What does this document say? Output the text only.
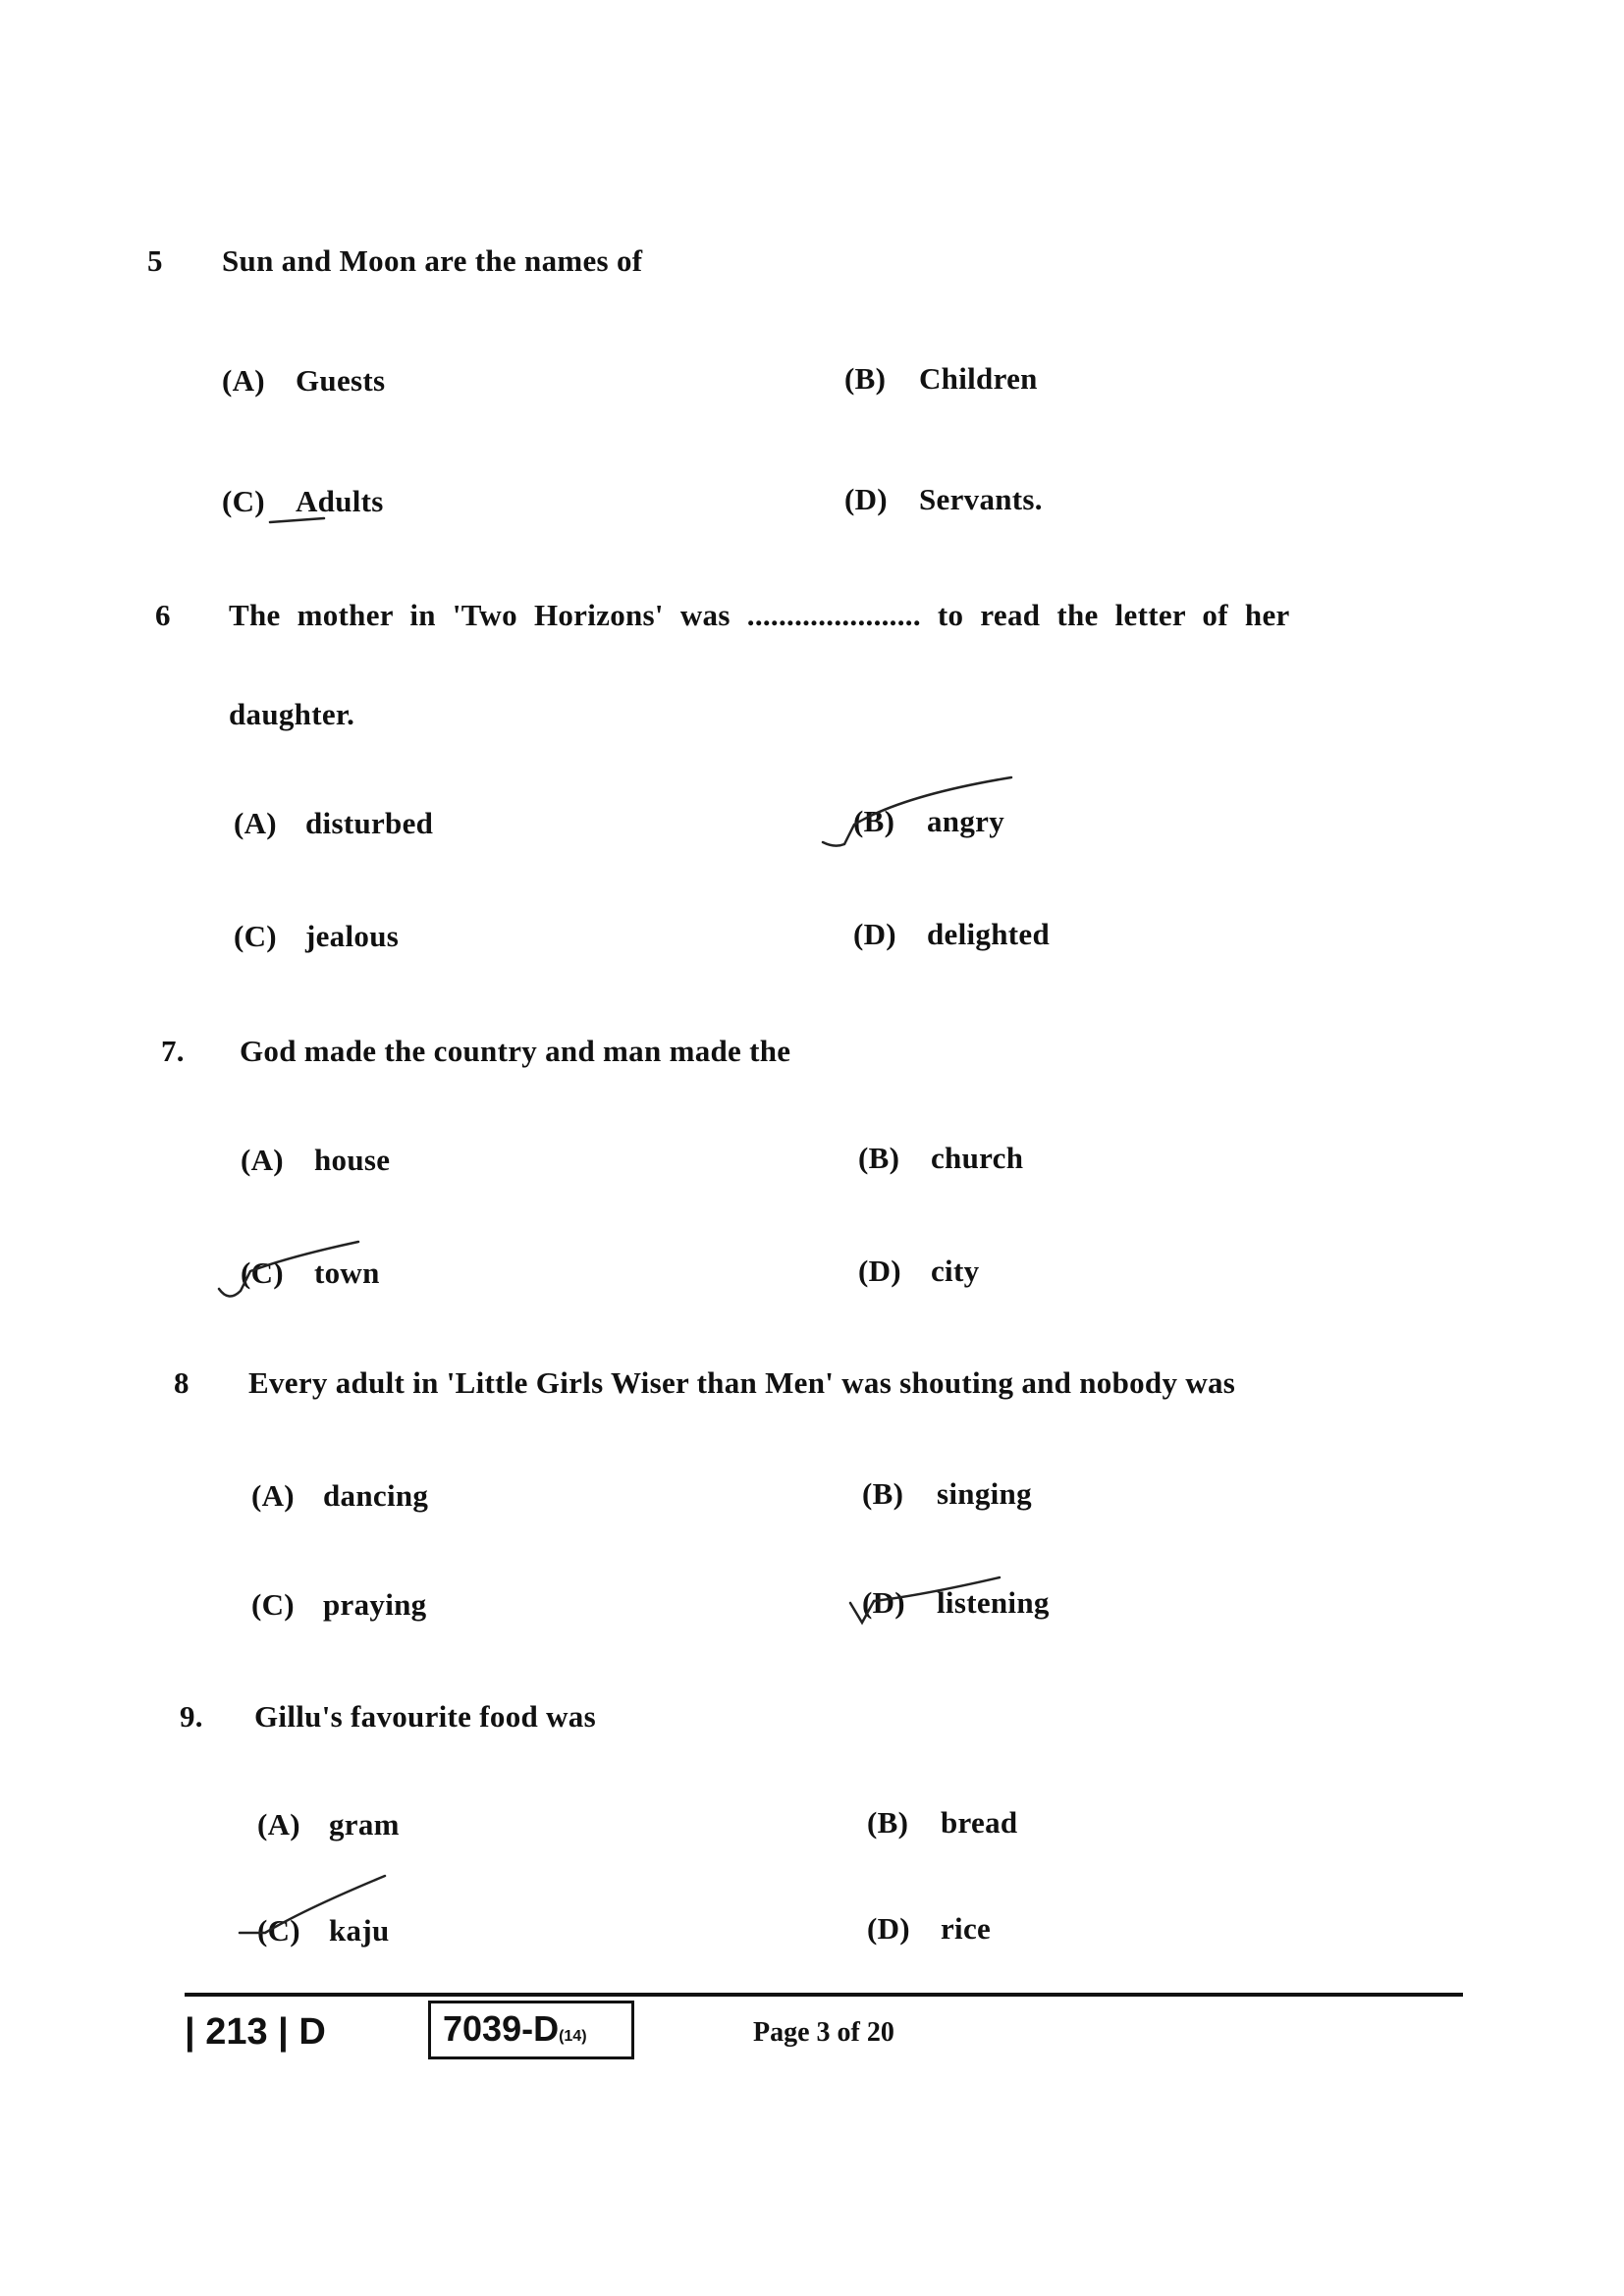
5 Sun and Moon are the names of
(A) Guests	(B) Children
(C) Adults	(D) Servants.
6 The mother in 'Two Horizons' was ...................... to read the letter of her
daughter.
(A) disturbed	(B) angry
(C) jealous	(D) delighted
7. God made the country and man made the
(A) house	(B) church
(C) town	(D) city
8 Every adult in 'Little Girls Wiser than Men' was shouting and nobody was
(A) dancing	(B) singing
(C) praying	(D) listening
9. Gillu's favourite food was
(A) gram	(B) bread
(C) kaju	(D) rice
| 213 | D	7039-D(14)	Page 3 of 20
